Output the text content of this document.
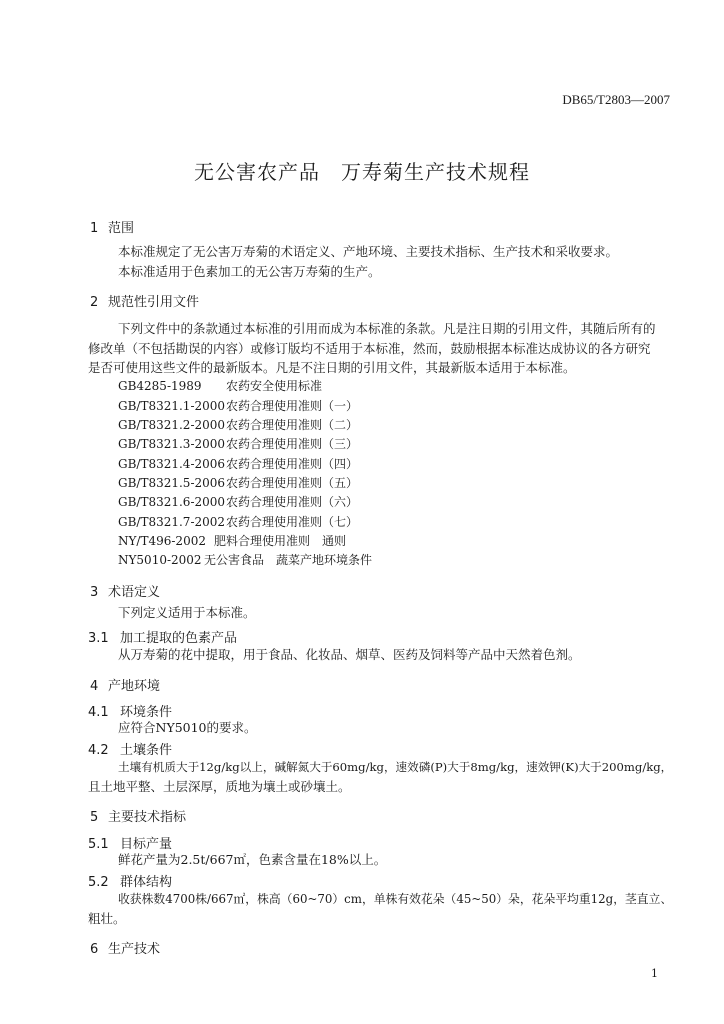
DB65/T2803—2007
无公害农产品　万寿菊生产技术规程
1 范围
本标准规定了无公害万寿菊的术语定义、产地环境、主要技术指标、生产技术和采收要求。
本标准适用于色素加工的无公害万寿菊的生产。
2 规范性引用文件
下列文件中的条款通过本标准的引用而成为本标准的条款。凡是注日期的引用文件，其随后所有的
修改单（不包括勘误的内容）或修订版均不适用于本标准，然而，鼓励根据本标准达成协议的各方研究
是否可使用这些文件的最新版本。凡是不注日期的引用文件，其最新版本适用于本标准。
GB4285-1989 农药安全使用标准
GB/T8321.1-2000农药合理使用准则（一）
GB/T8321.2-2000农药合理使用准则（二）
GB/T8321.3-2000农药合理使用准则（三）
GB/T8321.4-2006农药合理使用准则（四）
GB/T8321.5-2006农药合理使用准则（五）
GB/T8321.6-2000农药合理使用准则（六）
GB/T8321.7-2002农药合理使用准则（七）
NY/T496-2002 肥料合理使用准则　通则
NY5010-2002 无公害食品　蔬菜产地环境条件
3 术语定义
下列定义适用于本标准。
3.1 加工提取的色素产品
从万寿菊的花中提取，用于食品、化妆品、烟草、医药及饲料等产品中天然着色剂。
4 产地环境
4.1 环境条件
应符合NY5010的要求。
4.2 土壤条件
土壤有机质大于12g/kg以上，碱解氮大于60mg/kg，速效磷(P)大于8mg/kg，速效钾(K)大于200mg/kg，
且土地平整、土层深厚，质地为壤土或砂壤土。
5 主要技术指标
5.1 目标产量
鲜花产量为2.5t/667㎡，色素含量在18%以上。
5.2 群体结构
收获株数4700株/667㎡，株高（60~70）cm，单株有效花朵（45~50）朵，花朵平均重12g，茎直立、
粗壮。
6 生产技术
1
